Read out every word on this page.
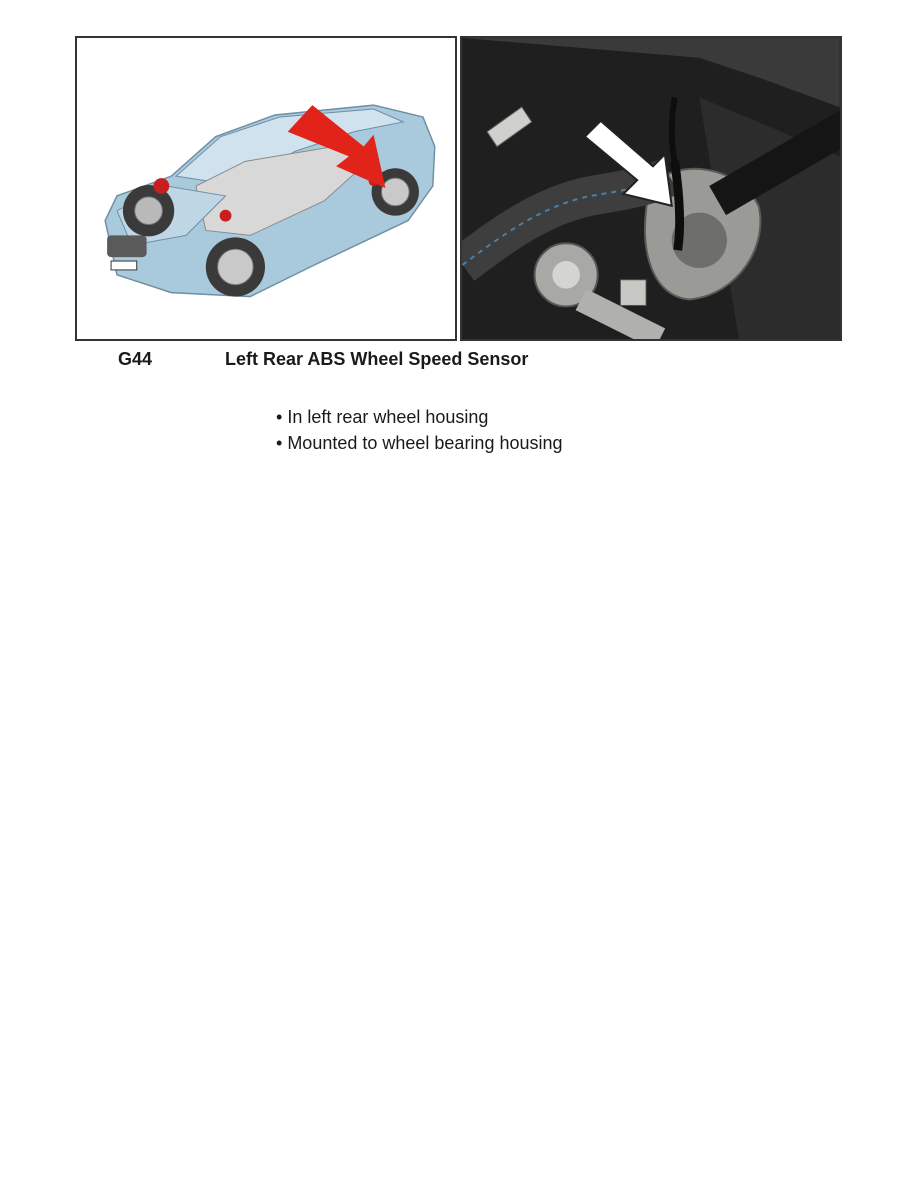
G44	Left Rear ABS Wheel Speed Sensor
• In left rear wheel housing
• Mounted to wheel bearing housing
